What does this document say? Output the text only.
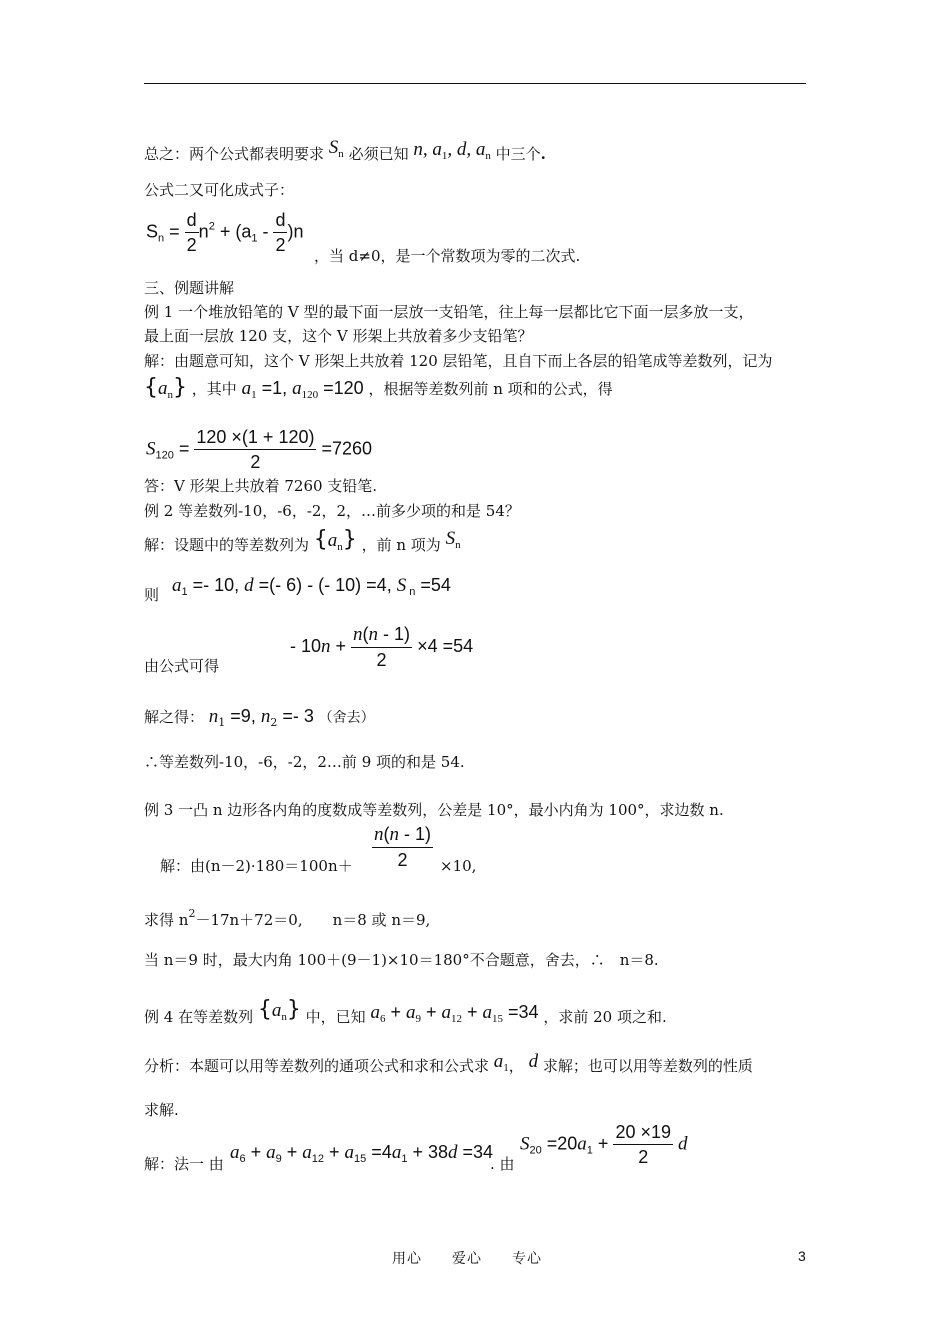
总之：两个公式都表明要求 $S_n$ 必须已知 n, $a_1$, d, $a_n$ 中三个.
公式二又可化成式子：
$S_n = \frac{d}{2} n^2 + (a_1 - \frac{d}{2} )n$
，当 d≠0，是一个常数项为零的二次式.
三、例题讲解
例 1 一个堆放铅笔的 V 型的最下面一层放一支铅笔，往上每一层都比它下面一层多放一支，
最上面一层放 120 支，这个 V 形架上共放着多少支铅笔？
解：由题意可知，这个 V 形架上共放着 120 层铅笔，且自下而上各层的铅笔成等差数列，记为
$\{a_n\}$ ，其中 $a_1 =1$, $a_{120} =120$ ，根据等差数列前 n 项和的公式，得
$S_{120} = \frac{120 \times(1 + 120)}{2} =7260$
答：V 形架上共放着 7260 支铅笔.
例 2 等差数列-10，-6，-2，2，…前多少项的和是 54？
解：设题中的等差数列为 $\{a_n\}$ ，前 n 项为 $S_n$
则 $a_1 =- 10$, d =(- 6) - (- 10) =4, S $_n$ =54
- $10n + \frac{n(n - 1)}{2} \times 4 =54$
由公式可得
解之得： $n_1 =9$, $n_2 =- 3$ （舍去）
∴等差数列-10，-6，-2，2…前 9 项的和是 54.
例 3 一凸 n 边形各内角的度数成等差数列，公差是 10°，最小内角为 100°，求边数 n.
$\frac{n(n - 1)}{2}$
解：由(n－2)·180＝100n＋	×10,
求得 $n^2-17n+72=0$,　　n＝8 或 n＝9,
当 n＝9 时，最大内角 100＋(9－1)×10＝180°不合题意，舍去，∴　n＝8.
例 4 在等差数列 $\{a_n\}$ 中，已知 $a_6 + a_9 + a_{12} + a_{15} =34$ ，求前 20 项之和.
分析：本题可以用等差数列的通项公式和求和公式求 $a_1$， d 求解；也可以用等差数列的性质
求解.
解：法一 由
$a_6 + a_9 + a_{12} + a_{15} =4a_1 + 38d =34$
. 由
$S_{20} =20a_1 + \frac{20 \times 19}{2}$ d
用心　　爱心　　专心	3
